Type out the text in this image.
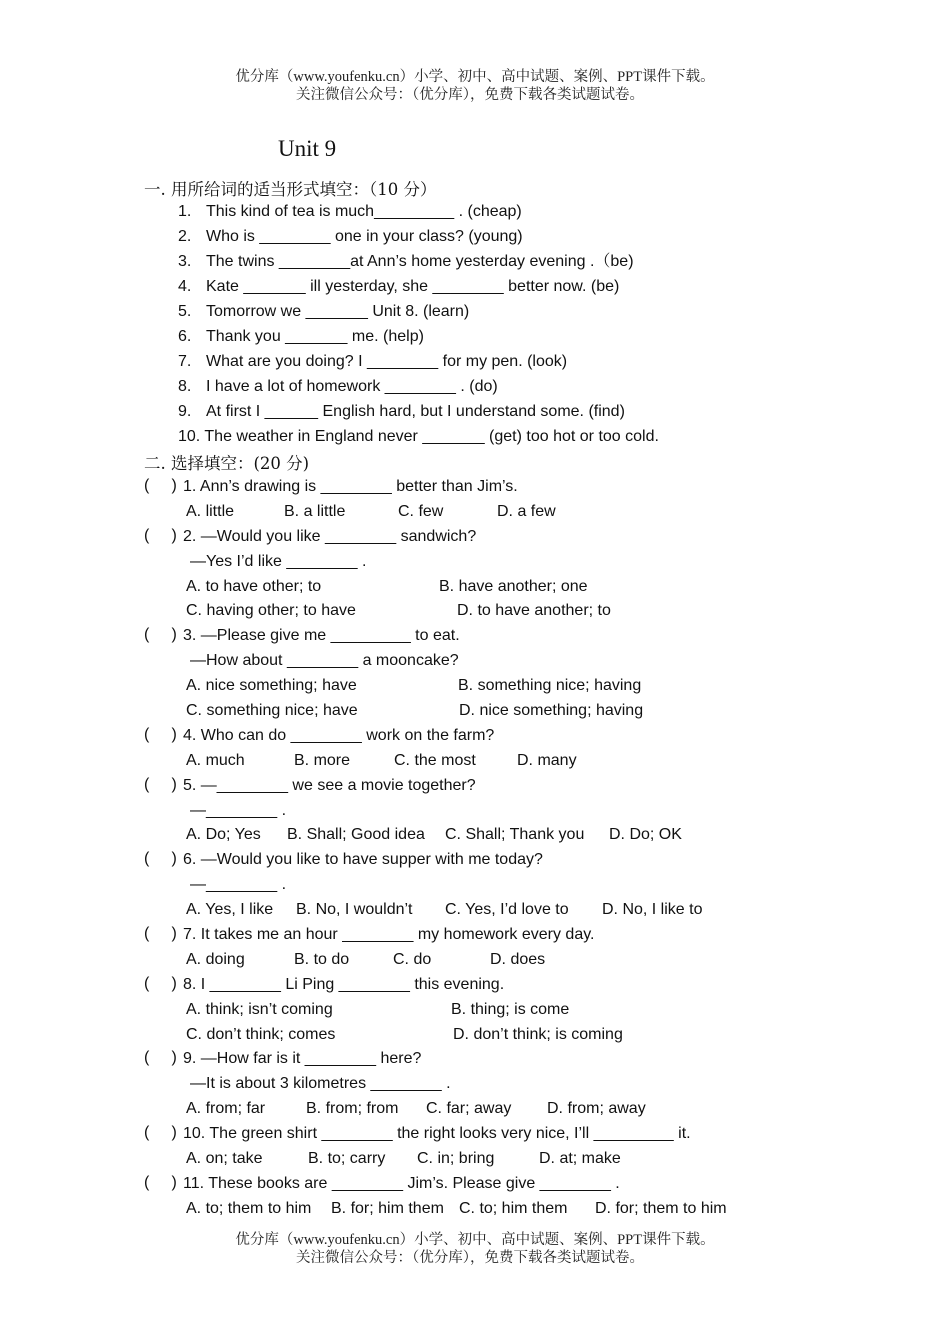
优分库（www.youfenku.cn）小学、初中、高中试题、案例、PPT课件下载。
关注微信公众号：（优分库），免费下载各类试题试卷。
Unit 9
一. 用所给词的适当形式填空：（10 分）
1. This kind of tea is much_________ . (cheap)
2. Who is ________ one in your class? (young)
3. The twins ________at Ann’s home yesterday evening .（be)
4. Kate _______ ill yesterday, she ________ better now. (be)
5. Tomorrow we _______ Unit 8. (learn)
6. Thank you _______ me. (help)
7. What are you doing? I ________ for my pen. (look)
8. I have a lot of homework ________ . (do)
9. At first I ______ English hard, but I understand some. (find)
10. The weather in England never _______ (get) too hot or too cold.
二. 选择填空：(20 分)
(     ) 1. Ann’s drawing is ________ better than Jim’s.
A. little	B. a little	C. few	D. a few
(     ) 2. —Would you like ________ sandwich?
—Yes I’d like ________ .
A. to have other; to	B. have another; one
C. having other; to have	D. to have another; to
(     ) 3. —Please give me _________ to eat.
—How about ________ a mooncake?
A. nice something; have	B. something nice; having
C. something nice; have	D. nice something; having
(     ) 4. Who can do ________ work on the farm?
A. much	B. more	C. the most	D. many
(     ) 5. —________ we see a movie together?
—________ .
A. Do; Yes B. Shall; Good idea C. Shall; Thank you D. Do; OK
(     ) 6. —Would you like to have supper with me today?
—________ .
A. Yes, I like B. No, I wouldn’t C. Yes, I’d love to D. No, I like to
(     ) 7. It takes me an hour ________ my homework every day.
A. doing	B. to do	C. do	D. does
(     ) 8. I ________ Li Ping ________ this evening.
A. think; isn’t coming	B. thing; is come
C. don’t think; comes	D. don’t think; is coming
(     ) 9. —How far is it ________ here?
—It is about 3 kilometres ________ .
A. from; far	B. from; from C. far; away D. from; away
(     ) 10. The green shirt ________ the right looks very nice, I’ll _________ it.
A. on; take	B. to; carry C. in; bring	D. at; make
(     ) 11. These books are ________ Jim’s. Please give ________ .
A. to; them to him B. for; him them C. to; him them D. for; them to him
优分库（www.youfenku.cn）小学、初中、高中试题、案例、PPT课件下载。
关注微信公众号：（优分库），免费下载各类试题试卷。
